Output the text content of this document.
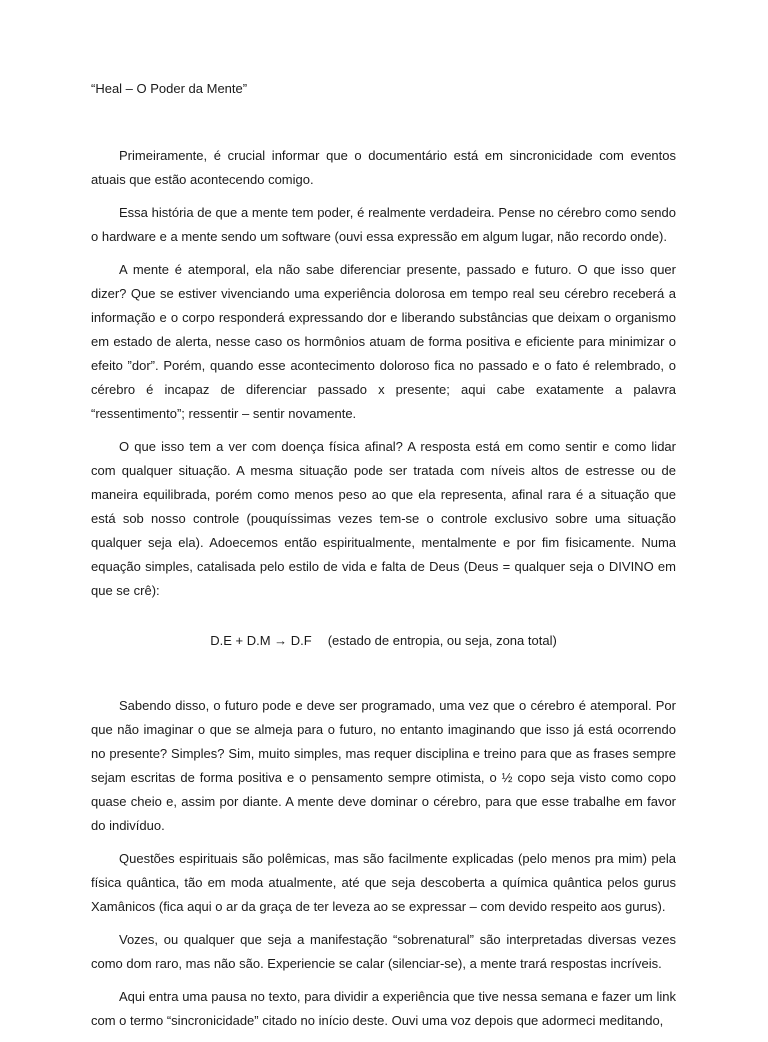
“Heal – O Poder da Mente”

Primeiramente, é crucial informar que o documentário está em sincronicidade com eventos atuais que estão acontecendo comigo.

Essa história de que a mente tem poder, é realmente verdadeira. Pense no cérebro como sendo o hardware e a mente sendo um software (ouvi essa expressão em algum lugar, não recordo onde).

A mente é atemporal, ela não sabe diferenciar presente, passado e futuro. O que isso quer dizer? Que se estiver vivenciando uma experiência dolorosa em tempo real seu cérebro receberá a informação e o corpo responderá expressando dor e liberando substâncias que deixam o organismo em estado de alerta, nesse caso os hormônios atuam de forma positiva e eficiente para minimizar o efeito ”dor”. Porém, quando esse acontecimento doloroso fica no passado e o fato é relembrado, o cérebro é incapaz de diferenciar passado x presente; aqui cabe exatamente a palavra “ressentimento”; ressentir – sentir novamente.

O que isso tem a ver com doença física afinal? A resposta está em como sentir e como lidar com qualquer situação. A mesma situação pode ser tratada com níveis altos de estresse ou de maneira equilibrada, porém como menos peso ao que ela representa, afinal rara é a situação que está sob nosso controle (pouquíssimas vezes tem-se o controle exclusivo sobre uma situação qualquer seja ela). Adoecemos então espiritualmente, mentalmente e por fim fisicamente. Numa equação simples, catalisada pelo estilo de vida e falta de Deus (Deus = qualquer seja o DIVINO em que se crê):

D.E + D.M → D.F (estado de entropia, ou seja, zona total)

Sabendo disso, o futuro pode e deve ser programado, uma vez que o cérebro é atemporal. Por que não imaginar o que se almeja para o futuro, no entanto imaginando que isso já está ocorrendo no presente? Simples? Sim, muito simples, mas requer disciplina e treino para que as frases sempre sejam escritas de forma positiva e o pensamento sempre otimista, o ½ copo seja visto como copo quase cheio e, assim por diante. A mente deve dominar o cérebro, para que esse trabalhe em favor do indivíduo.

Questões espirituais são polêmicas, mas são facilmente explicadas (pelo menos pra mim) pela física quântica, tão em moda atualmente, até que seja descoberta a química quântica pelos gurus Xamânicos (fica aqui o ar da graça de ter leveza ao se expressar – com devido respeito aos gurus).

Vozes, ou qualquer que seja a manifestação “sobrenatural” são interpretadas diversas vezes como dom raro, mas não são. Experiencie se calar (silenciar-se), a mente trará respostas incríveis.

Aqui entra uma pausa no texto, para dividir a experiência que tive nessa semana e fazer um link com o termo “sincronicidade” citado no início deste. Ouvi uma voz depois que adormeci meditando,
